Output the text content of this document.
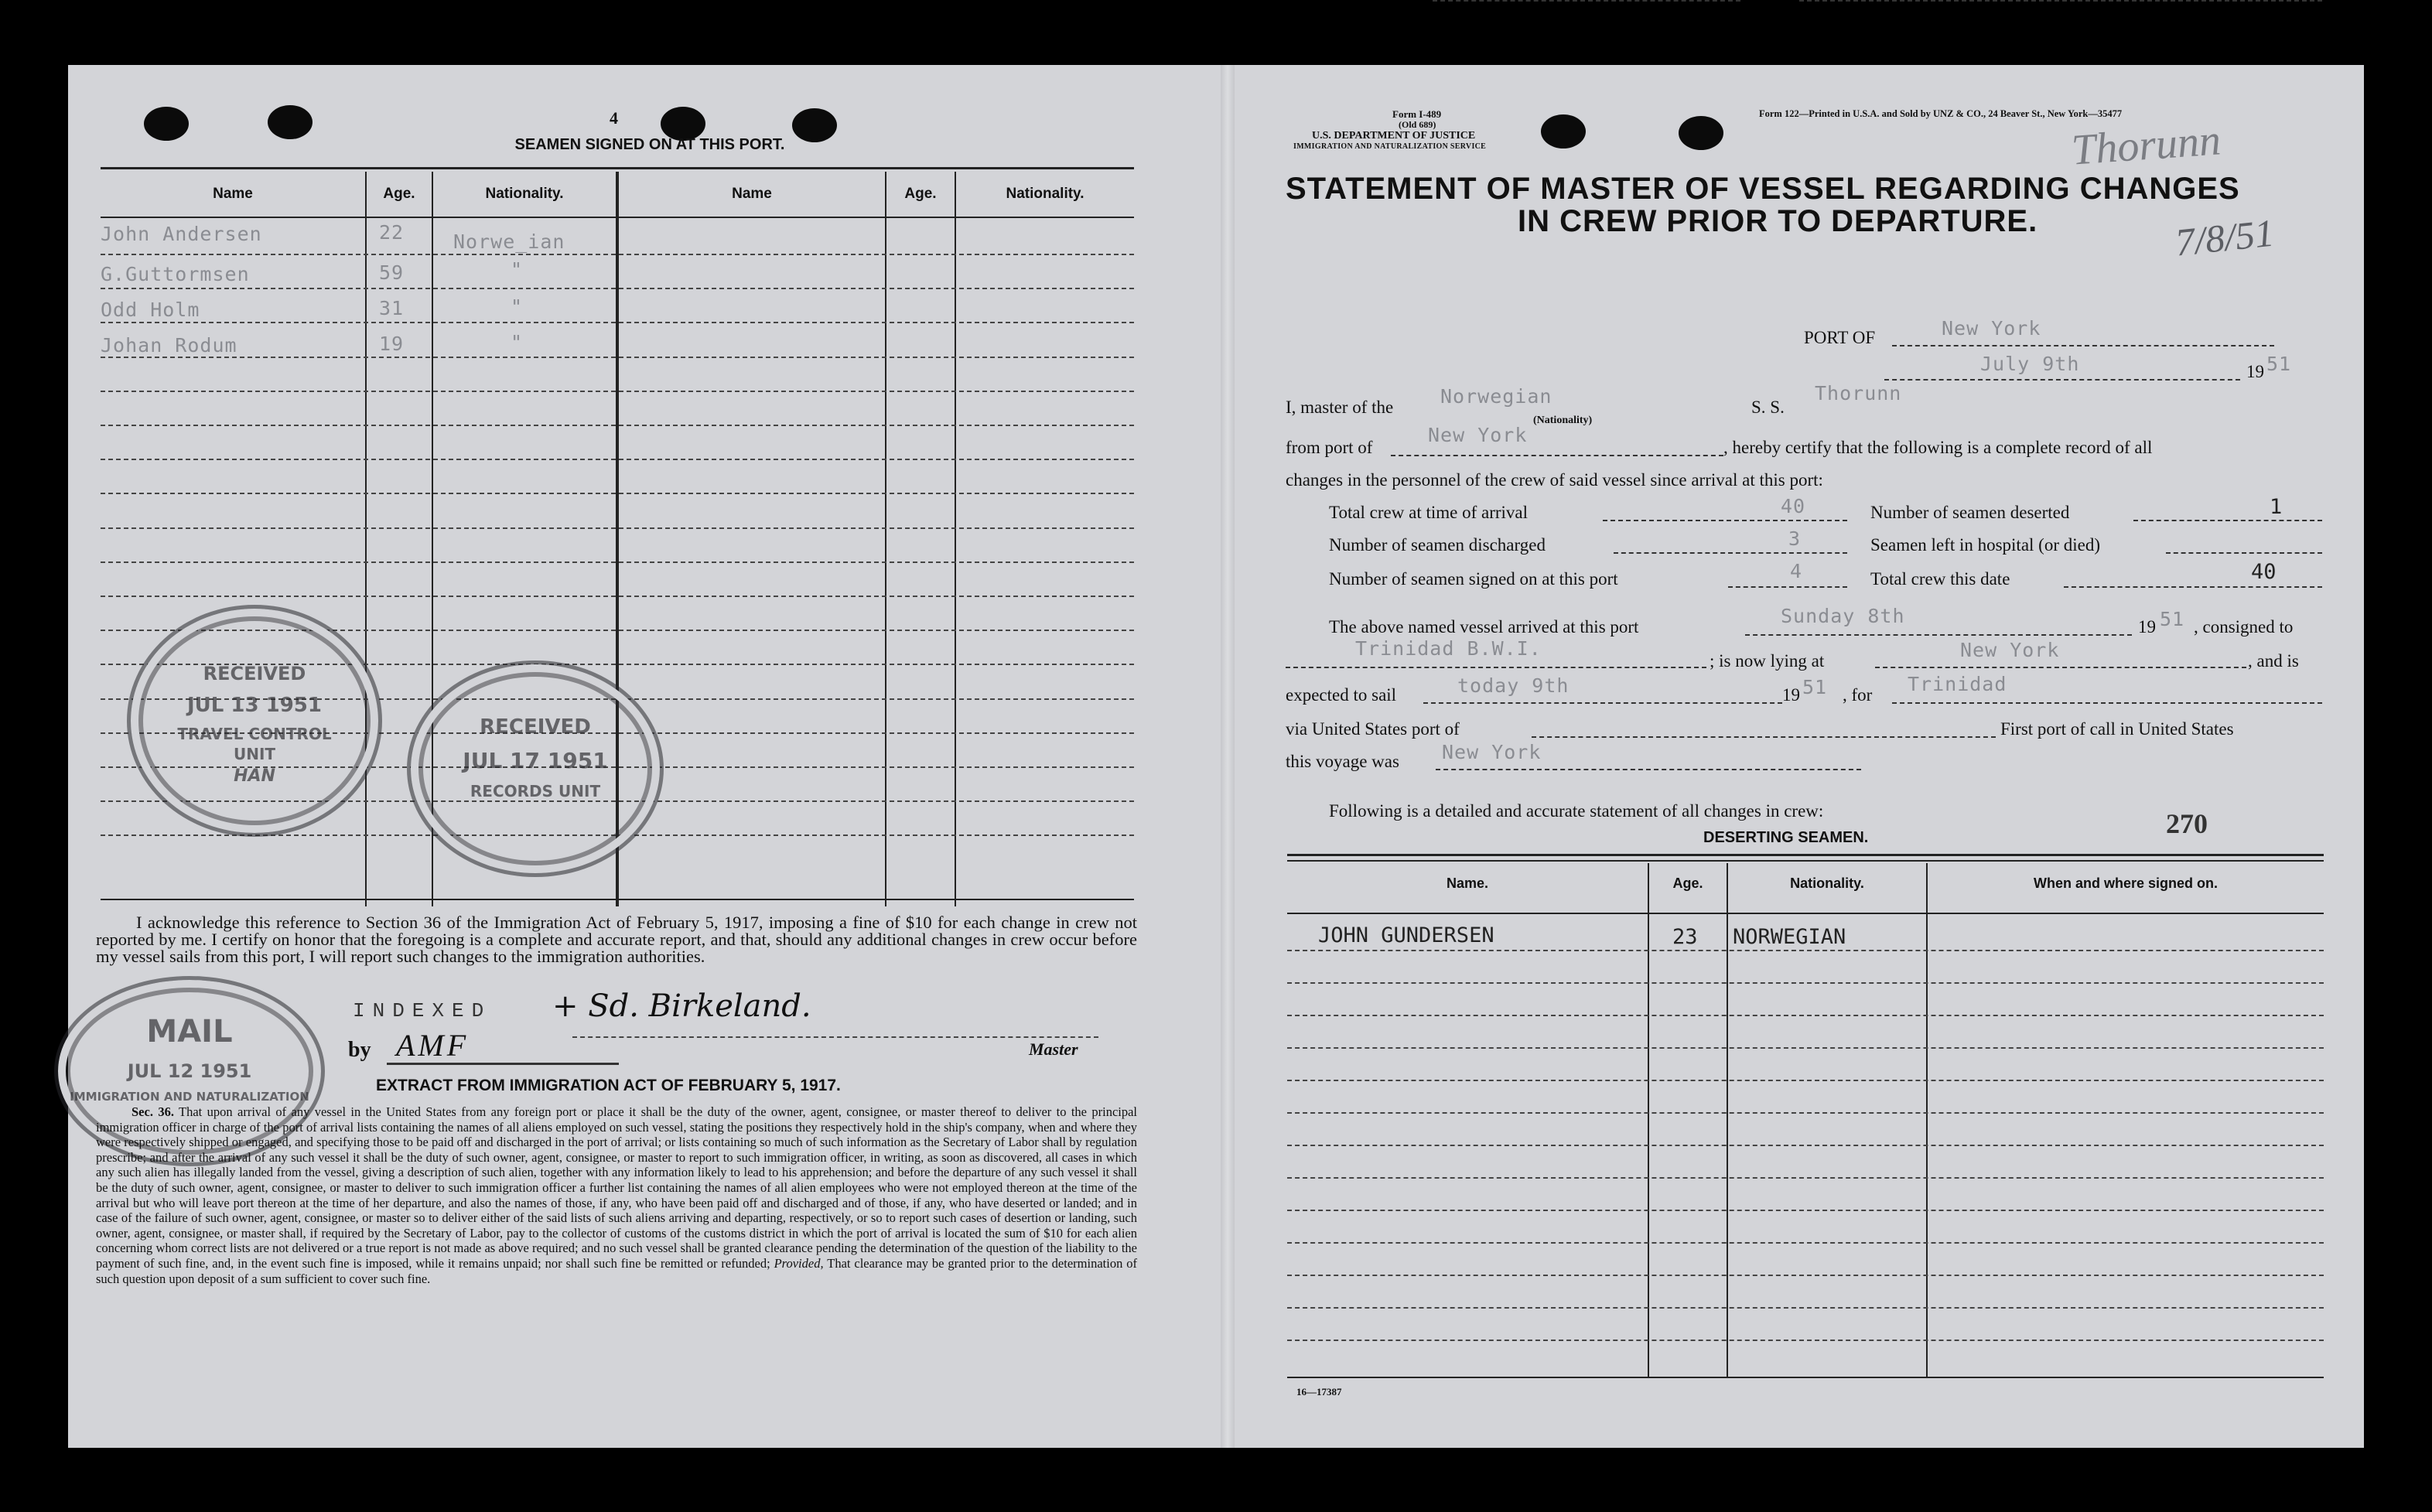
4
SEAMEN SIGNED ON AT THIS PORT.
Name	Age.	Nationality.	Name	Age.	Nationality.
John Andersen	22	Norwe_ian
G.Guttormsen	59	"
Odd Holm	31	"
Johan Rodum	19	"
RECEIVED
JUL 13 1951
TRAVEL CONTROL
UNIT
HAN
RECEIVED
JUL 17 1951
RECORDS UNIT
MAIL
JUL 12 1951
IMMIGRATION AND NATURALIZATION
I acknowledge this reference to Section 36 of the Immigration Act of February 5, 1917, imposing a fine of $10 for each change in crew not reported by me. I certify on honor that the foregoing is a complete and accurate report, and that, should any additional changes in crew occur before my vessel sails from this port, I will report such changes to the immigration authorities.
INDEXED + Sd. Birkeland.
by AMF	Master
EXTRACT FROM IMMIGRATION ACT OF FEBRUARY 5, 1917.
Sec. 36. That upon arrival of any vessel in the United States from any foreign port or place it shall be the duty of the owner, agent, consignee, or master thereof to deliver to the principal immigration officer in charge of the port of arrival lists containing the names of all aliens employed on such vessel, stating the positions they respectively hold in the ship's company, when and where they were respectively shipped or engaged, and specifying those to be paid off and discharged in the port of arrival; or lists containing so much of such information as the Secretary of Labor shall by regulation prescribe; and after the arrival of any such vessel it shall be the duty of such owner, agent, consignee, or master to report to such immigration officer, in writing, as soon as discovered, all cases in which any such alien has illegally landed from the vessel, giving a description of such alien, together with any information likely to lead to his apprehension; and before the departure of any such vessel it shall be the duty of such owner, agent, consignee, or master to deliver to such immigration officer a further list containing the names of all alien employees who were not employed thereon at the time of the arrival but who will leave port thereon at the time of her departure, and also the names of those, if any, who have been paid off and discharged and of those, if any, who have deserted or landed; and in case of the failure of such owner, agent, consignee, or master so to deliver either of the said lists of such aliens arriving and departing, respectively, or so to report such cases of desertion or landing, such owner, agent, consignee, or master shall, if required by the Secretary of Labor, pay to the collector of customs of the customs district in which the port of arrival is located the sum of $10 for each alien concerning whom correct lists are not delivered or a true report is not made as above required; and no such vessel shall be granted clearance pending the determination of the question of the liability to the payment of such fine, and, in the event such fine is imposed, while it remains unpaid; nor shall such fine be remitted or refunded; Provided, That clearance may be granted prior to the determination of such question upon deposit of a sum sufficient to cover such fine.
Form I-489
(Old 689)
U.S. DEPARTMENT OF JUSTICE
IMMIGRATION AND NATURALIZATION SERVICE
Form 122—Printed in U.S.A. and Sold by UNZ & CO., 24 Beaver St., New York—35477
Thorunn
7/8/51
STATEMENT OF MASTER OF VESSEL REGARDING CHANGES
IN CREW PRIOR TO DEPARTURE.
PORT OF	New York
July 9th	19 51
I, master of the Norwegian
(Nationality)
S. S.
Thorunn
from port of
New York
, hereby certify that the following is a complete record of all
changes in the personnel of the crew of said vessel since arrival at this port:
Total crew at time of arrival	40	Number of seamen deserted	1
Number of seamen discharged	3	Seamen left in hospital (or died)
Number of seamen signed on at this port	4	Total crew this date	40
The above named vessel arrived at this port	Sunday 8th	19 51 , consigned to
Trinidad B.W.I.
; is now lying at	New York	, and is
expected to sail	today 9th	19 51 , for Trinidad
via United States port of	First port of call in United States
this voyage was New York
Following is a detailed and accurate statement of all changes in crew:	270
DESERTING SEAMEN.
Name.	Age.	Nationality.	When and where signed on.
JOHN GUNDERSEN	23 NORWEGIAN
16—17387
